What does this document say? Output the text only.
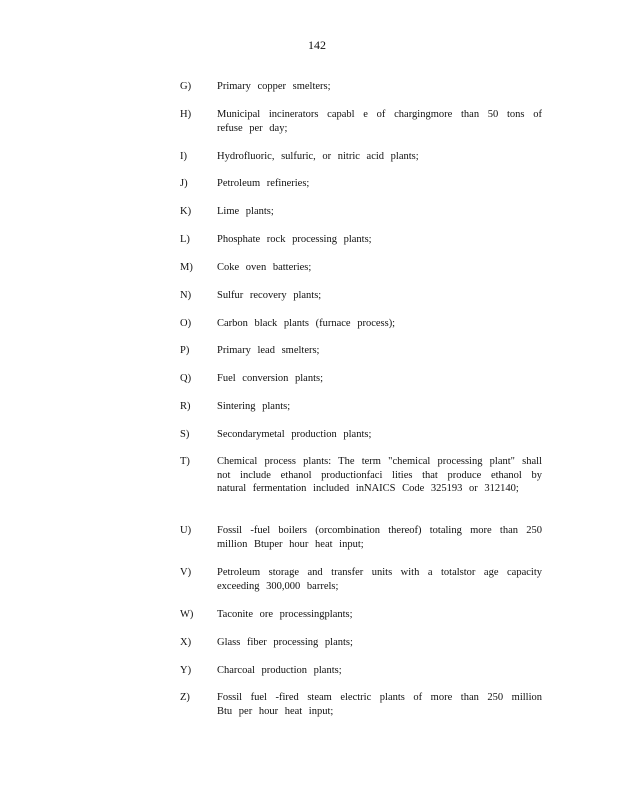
142
G)	Primary copper smelters;
H)	Municipal incinerators capabl e of chargingmore than 50 tons of refuse per day;
I)	Hydrofluoric, sulfuric, or nitric acid plants;
J)	Petroleum refineries;
K)	Lime plants;
L)	Phosphate rock processing plants;
M)	Coke oven batteries;
N)	Sulfur recovery plants;
O)	Carbon black plants (furnace process);
P)	Primary lead smelters;
Q)	Fuel conversion plants;
R)	Sintering plants;
S)	Secondarymetal production plants;
T)	Chemical process plants: The term "chemical processing plant" shall not include ethanol productionfaci lities that produce ethanol by natural fermentation included inNAICS Code 325193 or 312140;
U)	Fossil -fuel boilers (orcombination thereof) totaling more than 250 million Btuper hour heat input;
V)	Petroleum storage and transfer units with a totalstor age capacity exceeding 300,000 barrels;
W)	Taconite ore processingplants;
X)	Glass fiber processing plants;
Y)	Charcoal production plants;
Z)	Fossil fuel -fired steam electric plants of more than 250 million Btu per hour heat input;
